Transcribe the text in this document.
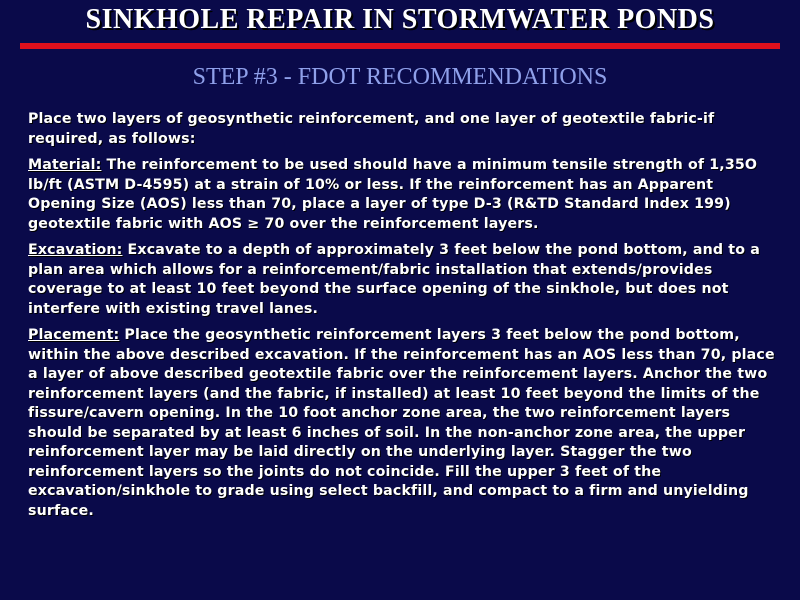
SINKHOLE REPAIR IN STORMWATER PONDS
STEP #3 - FDOT RECOMMENDATIONS

Place two layers of geosynthetic reinforcement, and one layer of geotextile fabric-if required, as follows:

Material: The reinforcement to be used should have a minimum tensile strength of 1,35O lb/ft (ASTM D-4595) at a strain of 10% or less. If the reinforcement has an Apparent Opening Size (AOS) less than 70, place a layer of type D-3 (R&TD Standard Index 199) geotextile fabric with AOS ≥ 70 over the reinforcement layers.

Excavation: Excavate to a depth of approximately 3 feet below the pond bottom, and to a plan area which allows for a reinforcement/fabric installation that extends/provides coverage to at least 10 feet beyond the surface opening of the sinkhole, but does not interfere with existing travel lanes.

Placement: Place the geosynthetic reinforcement layers 3 feet below the pond bottom, within the above described excavation. If the reinforcement has an AOS less than 70, place a layer of above described geotextile fabric over the reinforcement layers. Anchor the two reinforcement layers (and the fabric, if installed) at least 10 feet beyond the limits of the fissure/cavern opening. In the 10 foot anchor zone area, the two reinforcement layers should be separated by at least 6 inches of soil. In the non-anchor zone area, the upper reinforcement layer may be laid directly on the underlying layer. Stagger the two reinforcement layers so the joints do not coincide. Fill the upper 3 feet of the excavation/sinkhole to grade using select backfill, and compact to a firm and unyielding surface.
